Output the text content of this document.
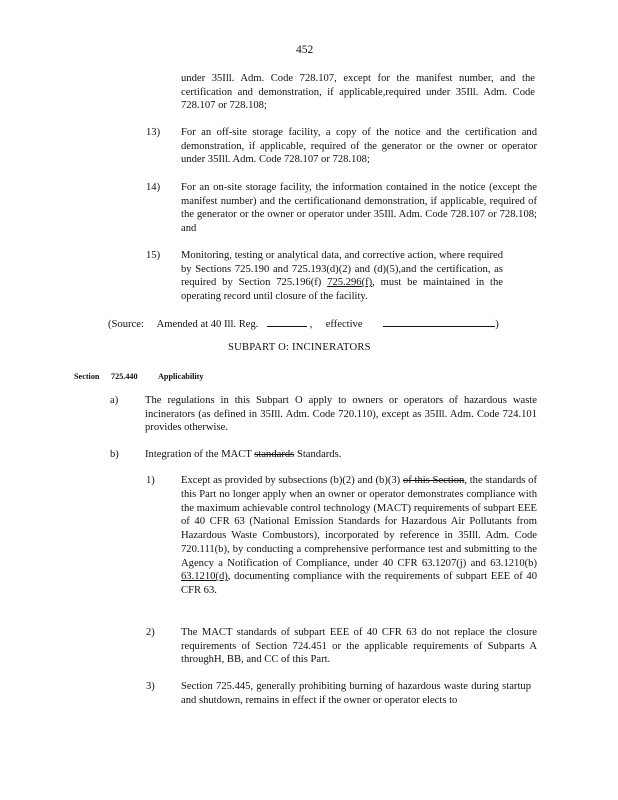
452
under 35Ill. Adm. Code 728.107, except for the manifest number, and the certification and demonstration, if applicable,required under 35Ill. Adm. Code 728.107 or 728.108;
13) For an off-site storage facility, a copy of the notice and the certification and demonstration, if applicable, required of the generator or the owner or operator under 35Ill. Adm. Code 728.107 or 728.108;
14) For an on-site storage facility, the information contained in the notice (except the manifest number) and the certificationand demonstration, if applicable, required of the generator or the owner or operator under 35Ill. Adm. Code 728.107 or 728.108; and
15) Monitoring, testing or analytical data, and corrective action, where required by Sections 725.190 and 725.193(d)(2) and (d)(5),and the certification, as required by Section 725.196(f) 725.296(f), must be maintained in the operating record until closure of the facility.
(Source: Amended at 40 Ill. Reg.	, effective	)
SUBPART O: INCINERATORS
Section 725.440 Applicability
a)	The regulations in this Subpart O apply to owners or operators of hazardous waste incinerators (as defined in 35Ill. Adm. Code 720.110), except as 35Ill. Adm. Code 724.101 provides otherwise.
b) Integration of the MACT standards Standards.
1) Except as provided by subsections (b)(2) and (b)(3) of this Section, the standards of this Part no longer apply when an owner or operator demonstrates compliance with the maximum achievable control technology (MACT) requirements of subpart EEE of 40 CFR 63 (National Emission Standards for Hazardous Air Pollutants from Hazardous Waste Combustors), incorporated by reference in 35Ill. Adm. Code 720.111(b), by conducting a comprehensive performance test and submitting to the Agency a Notification of Compliance, under 40 CFR 63.1207(j) and 63.1210(b) 63.1210(d), documenting compliance with the requirements of subpart EEE of 40 CFR 63.
2) The MACT standards of subpart EEE of 40 CFR 63 do not replace the closure requirements of Section 724.451 or the applicable requirements of Subparts A throughH, BB, and CC of this Part.
3) Section 725.445, generally prohibiting burning of hazardous waste during startup and shutdown, remains in effect if the owner or operator elects to
